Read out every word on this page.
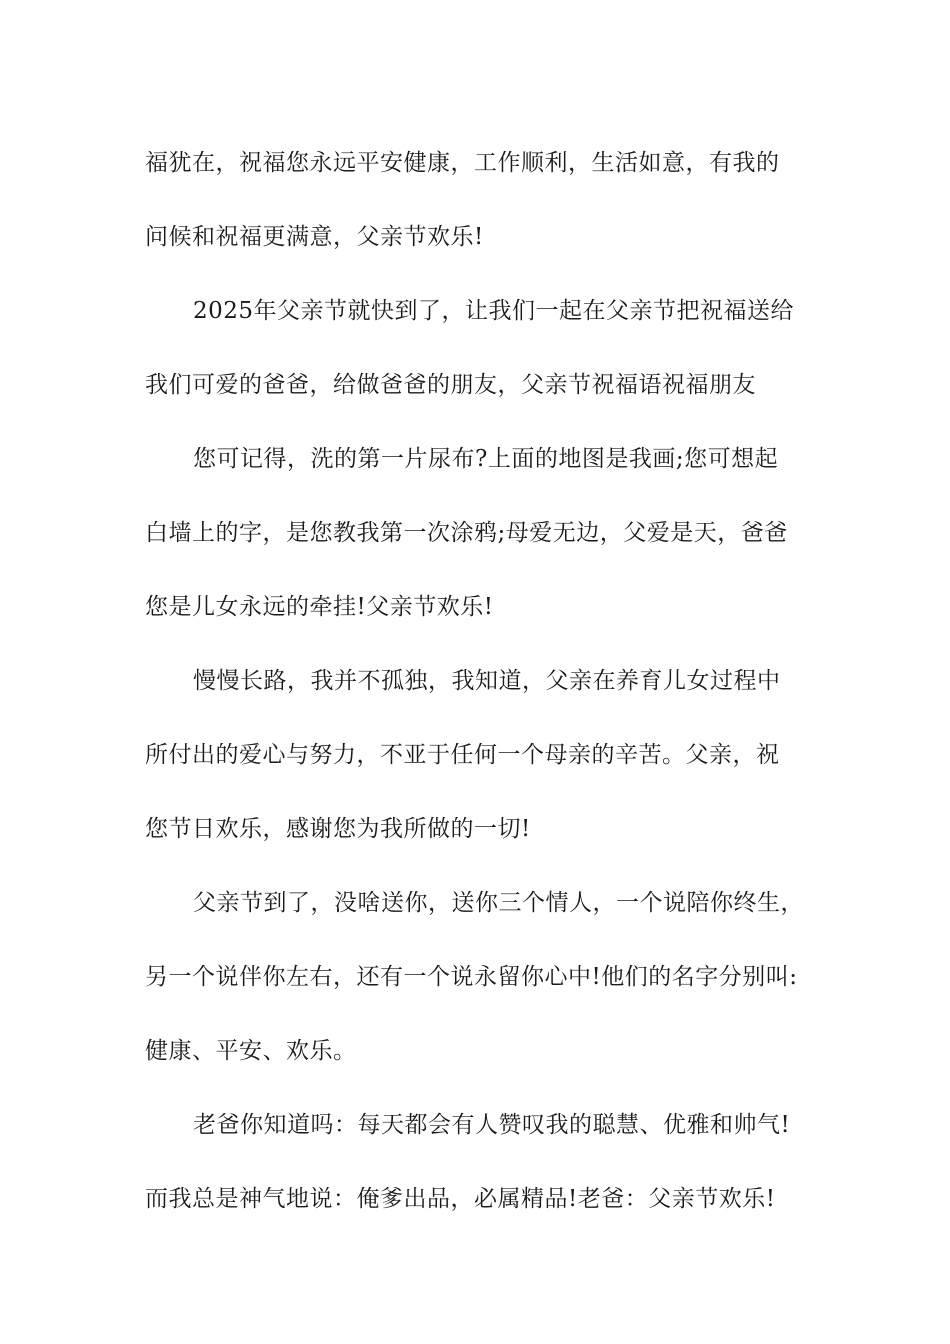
福犹在，祝福您永远平安健康，工作顺利，生活如意，有我的
问候和祝福更满意，父亲节欢乐!

2025年父亲节就快到了，让我们一起在父亲节把祝福送给
我们可爱的爸爸，给做爸爸的朋友，父亲节祝福语祝福朋友

您可记得，洗的第一片尿布?上面的地图是我画;您可想起
白墙上的字，是您教我第一次涂鸦;母爱无边，父爱是天，爸爸
您是儿女永远的牵挂!父亲节欢乐!

慢慢长路，我并不孤独，我知道，父亲在养育儿女过程中
所付出的爱心与努力，不亚于任何一个母亲的辛苦。父亲，祝
您节日欢乐，感谢您为我所做的一切!

父亲节到了，没啥送你，送你三个情人，一个说陪你终生，
另一个说伴你左右，还有一个说永留你心中!他们的名字分别叫:
健康、平安、欢乐。

老爸你知道吗：每天都会有人赞叹我的聪慧、优雅和帅气!
而我总是神气地说：俺爹出品，必属精品!老爸：父亲节欢乐!
